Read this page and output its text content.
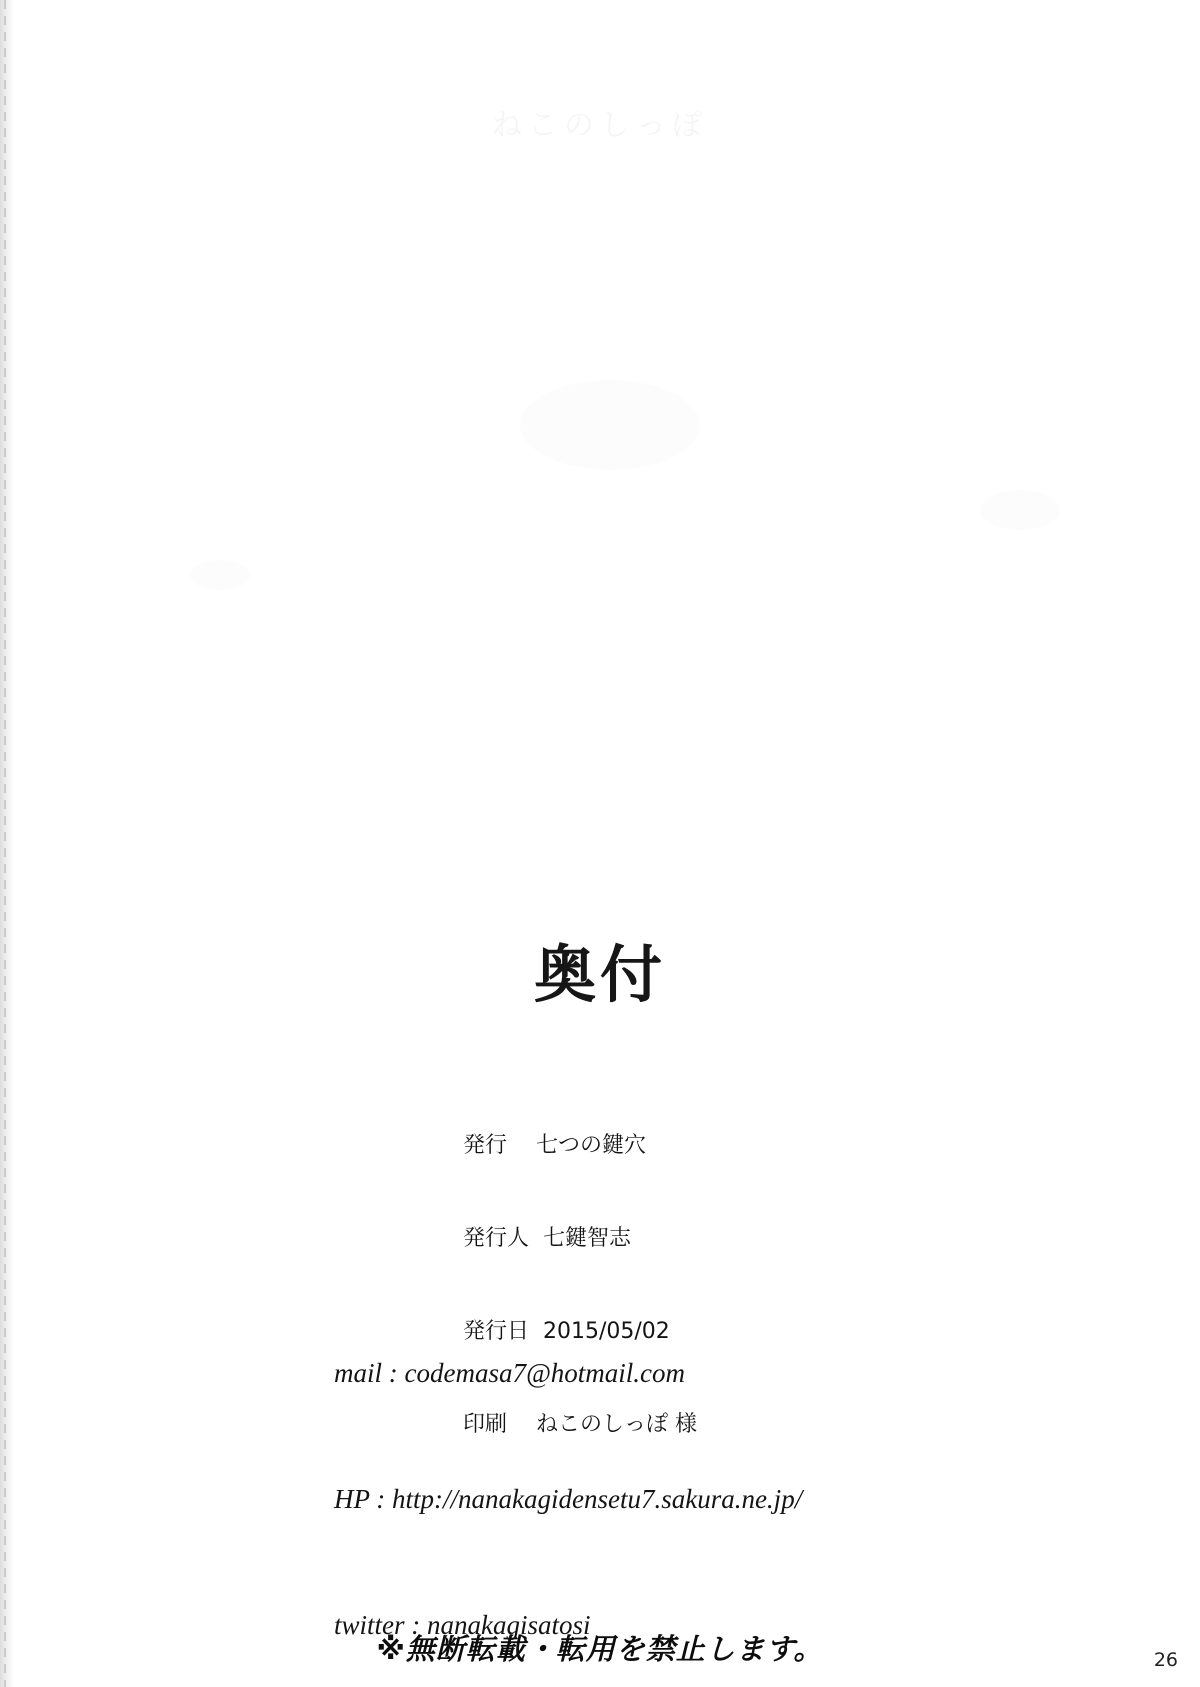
奥付

発行　 七つの鍵穴

発行人  七鍵智志

発行日  2015/05/02

印刷　 ねこのしっぽ 様

mail : codemasa7@hotmail.com

HP : http://nanakagidensetu7.sakura.ne.jp/

twitter : nanakagisatosi

※無断転載・転用を禁止します。	26
